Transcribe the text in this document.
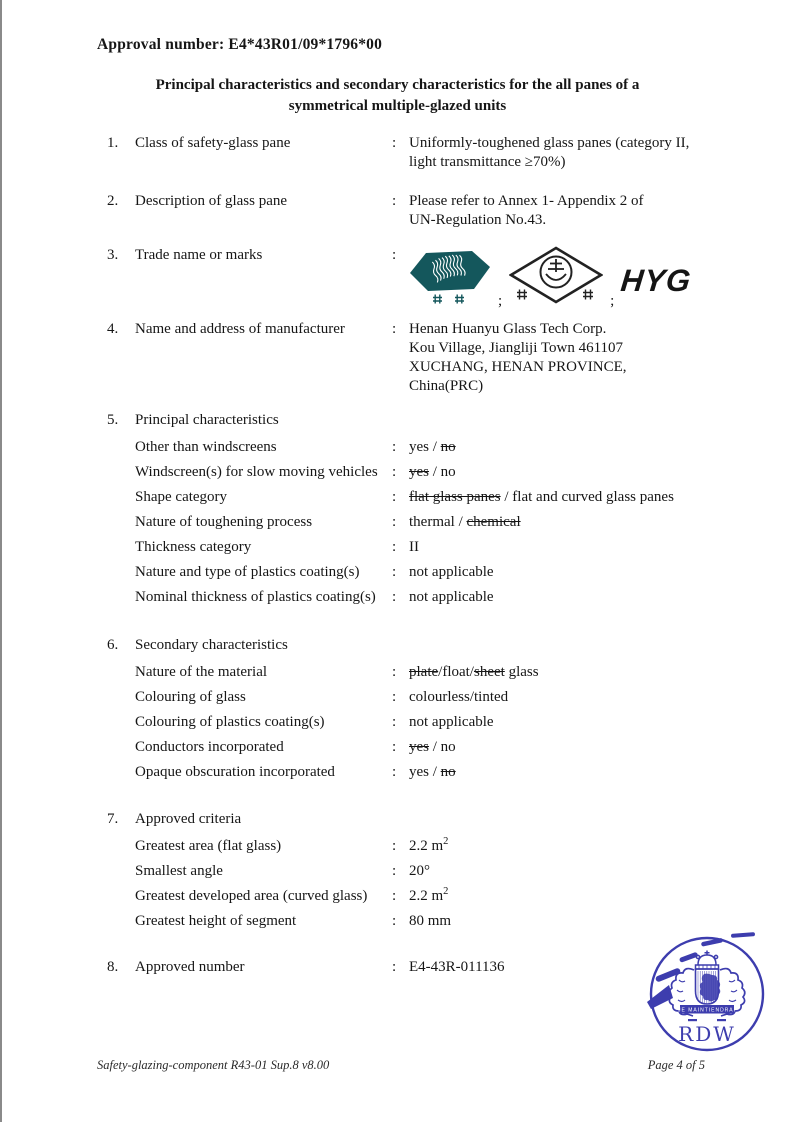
Approval number: E4*43R01/09*1796*00
Principal characteristics and secondary characteristics for the all panes of a
symmetrical multiple-glazed units
1.	Class of safety-glass pane	: Uniformly-toughened glass panes (category II,
light transmittance ≥70%)
2.	Description of glass pane	: Please refer to Annex 1- Appendix 2 of
UN-Regulation No.43.
3.	Trade name or marks	:
;	;
HYG
4.	Name and address of manufacturer	: Henan Huanyu Glass Tech Corp.
Kou Village, Jiangliji Town 461107
XUCHANG, HENAN PROVINCE,
China(PRC)
5.	Principal characteristics
Other than windscreens	: yes / no
Windscreen(s) for slow moving vehicles : yes / no
Shape category	: flat glass panes / flat and curved glass panes
Nature of toughening process	: thermal / chemical
Thickness category	: II
Nature and type of plastics coating(s)	: not applicable
Nominal thickness of plastics coating(s)	: not applicable
6.	Secondary characteristics
Nature of the material	: plate/float/sheet glass
Colouring of glass	: colourless/tinted
Colouring of plastics coating(s)	: not applicable
Conductors incorporated	: yes / no
Opaque obscuration incorporated	: yes / no
7.	Approved criteria
Greatest area (flat glass)	: 2.2 $m^2$
Smallest angle	: 20°
Greatest developed area (curved glass)	: 2.2 $m^2$
Greatest height of segment	: 80 mm
8.	Approved number	: E4-43R-011136
JE MAINTIENDRAI
RDW
Safety-glazing-component R43-01 Sup.8 v8.00	Page 4 of 5
